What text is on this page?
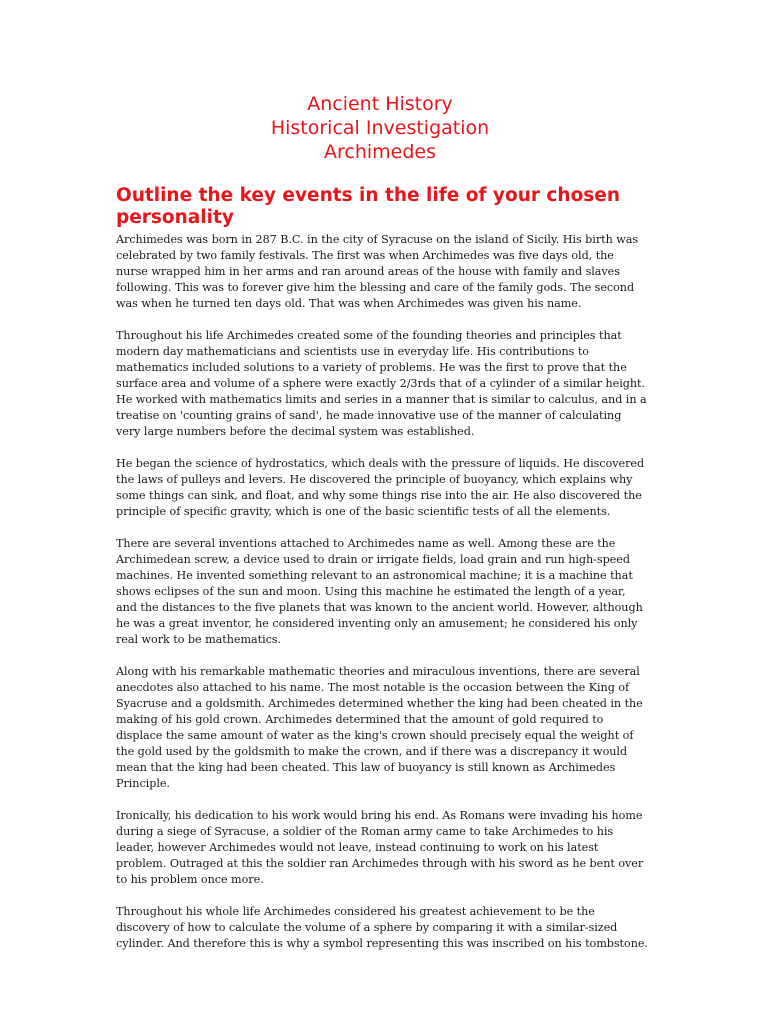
Ancient History
Historical Investigation
Archimedes
Outline the key events in the life of your chosen personality

Archimedes was born in 287 B.C. in the city of Syracuse on the island of Sicily. His birth was celebrated by two family festivals. The first was when Archimedes was five days old, the nurse wrapped him in her arms and ran around areas of the house with family and slaves following. This was to forever give him the blessing and care of the family gods. The second was when he turned ten days old. That was when Archimedes was given his name.

Throughout his life Archimedes created some of the founding theories and principles that modern day mathematicians and scientists use in everyday life. His contributions to mathematics included solutions to a variety of problems. He was the first to prove that the surface area and volume of a sphere were exactly 2/3rds that of a cylinder of a similar height. He worked with mathematics limits and series in a manner that is similar to calculus, and in a treatise on 'counting grains of sand', he made innovative use of the manner of calculating very large numbers before the decimal system was established.

He began the science of hydrostatics, which deals with the pressure of liquids. He discovered the laws of pulleys and levers. He discovered the principle of buoyancy, which explains why some things can sink, and float, and why some things rise into the air. He also discovered the principle of specific gravity, which is one of the basic scientific tests of all the elements.

There are several inventions attached to Archimedes name as well. Among these are the Archimedean screw, a device used to drain or irrigate fields, load grain and run high-speed machines. He invented something relevant to an astronomical machine; it is a machine that shows eclipses of the sun and moon. Using this machine he estimated the length of a year, and the distances to the five planets that was known to the ancient world. However, although he was a great inventor, he considered inventing only an amusement; he considered his only real work to be mathematics.

Along with his remarkable mathematic theories and miraculous inventions, there are several anecdotes also attached to his name. The most notable is the occasion between the King of Syacruse and a goldsmith. Archimedes determined whether the king had been cheated in the making of his gold crown. Archimedes determined that the amount of gold required to displace the same amount of water as the king's crown should precisely equal the weight of the gold used by the goldsmith to make the crown, and if there was a discrepancy it would mean that the king had been cheated. This law of buoyancy is still known as Archimedes Principle.

Ironically, his dedication to his work would bring his end. As Romans were invading his home during a siege of Syracuse, a soldier of the Roman army came to take Archimedes to his leader, however Archimedes would not leave, instead continuing to work on his latest problem. Outraged at this the soldier ran Archimedes through with his sword as he bent over to his problem once more.

Throughout his whole life Archimedes considered his greatest achievement to be the discovery of how to calculate the volume of a sphere by comparing it with a similar-sized cylinder. And therefore this is why a symbol representing this was inscribed on his tombstone.
